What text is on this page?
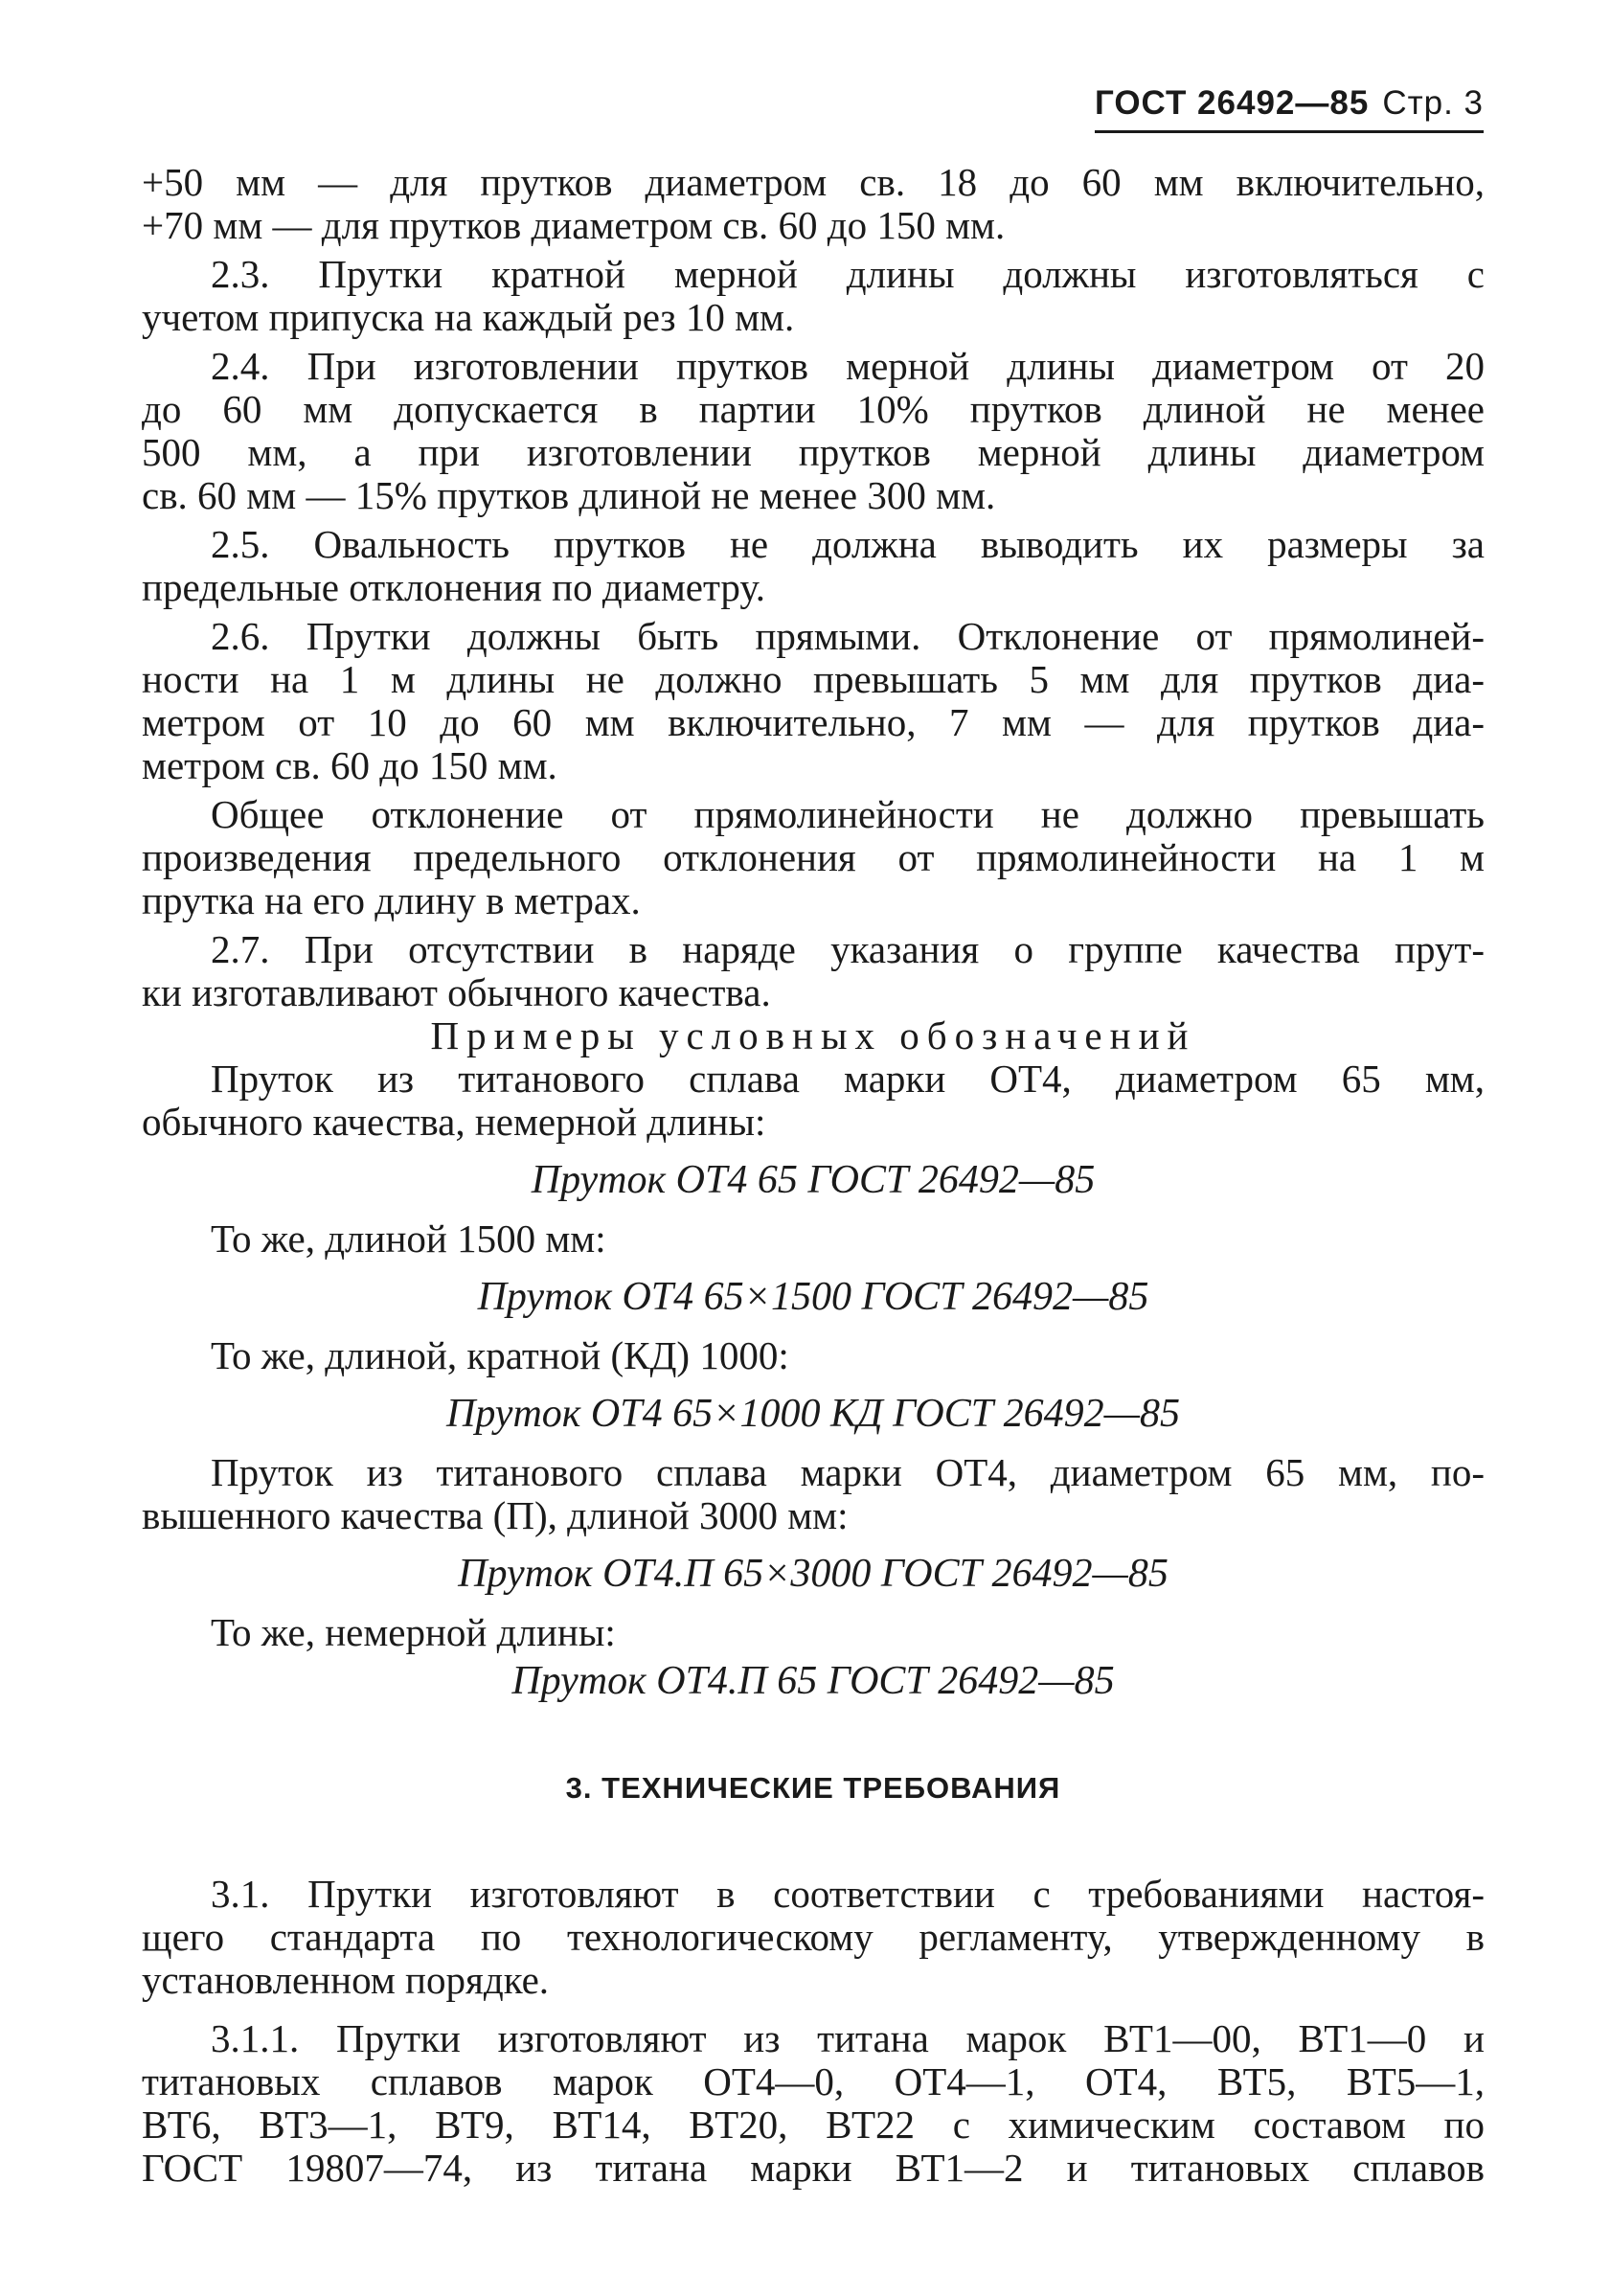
ГОСТ 26492—85 Стр. 3
+50 мм — для прутков диаметром св. 18 до 60 мм включительно,
+70 мм — для прутков диаметром св. 60 до 150 мм.
2.3. Прутки кратной мерной длины должны изготовляться с
учетом припуска на каждый рез 10 мм.
2.4. При изготовлении прутков мерной длины диаметром от 20
до 60 мм допускается в партии 10% прутков длиной не менее
500 мм, а при изготовлении прутков мерной длины диаметром
св. 60 мм — 15% прутков длиной не менее 300 мм.
2.5. Овальность прутков не должна выводить их размеры за
предельные отклонения по диаметру.
2.6. Прутки должны быть прямыми. Отклонение от прямолиней-
ности на 1 м длины не должно превышать 5 мм для прутков диа-
метром от 10 до 60 мм включительно, 7 мм — для прутков диа-
метром св. 60 до 150 мм.
Общее отклонение от прямолинейности не должно превышать
произведения предельного отклонения от прямолинейности на 1 м
прутка на его длину в метрах.
2.7. При отсутствии в наряде указания о группе качества прут-
ки изготавливают обычного качества.
Примеры условных обозначений
Пруток из титанового сплава марки ОТ4, диаметром 65 мм,
обычного качества, немерной длины:
Пруток ОТ4 65 ГОСТ 26492—85
То же, длиной 1500 мм:
Пруток ОТ4 65×1500 ГОСТ 26492—85
То же, длиной, кратной (КД) 1000:
Пруток ОТ4 65×1000 КД ГОСТ 26492—85
Пруток из титанового сплава марки ОТ4, диаметром 65 мм, по-
вышенного качества (П), длиной 3000 мм:
Пруток ОТ4.П 65×3000 ГОСТ 26492—85
То же, немерной длины:
Пруток ОТ4.П 65 ГОСТ 26492—85
3. ТЕХНИЧЕСКИЕ ТРЕБОВАНИЯ
3.1. Прутки изготовляют в соответствии с требованиями настоя-
щего стандарта по технологическому регламенту, утвержденному в
установленном порядке.
3.1.1. Прутки изготовляют из титана марок ВТ1—00, ВТ1—0 и
титановых сплавов марок ОТ4—0, ОТ4—1, ОТ4, ВТ5, ВТ5—1,
ВТ6, ВТ3—1, ВТ9, ВТ14, ВТ20, ВТ22 с химическим составом по
ГОСТ 19807—74, из титана марки ВТ1—2 и титановых сплавов
